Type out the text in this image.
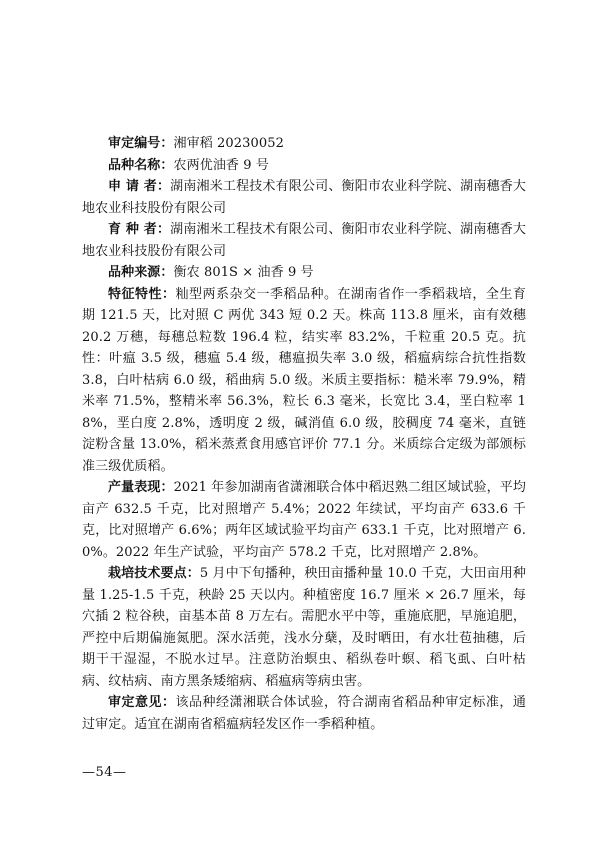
审定编号：湘审稻 20230052

品种名称：农两优油香 9 号

申 请 者：湖南湘米工程技术有限公司、衡阳市农业科学院、湖南穗香大地农业科技股份有限公司

育 种 者：湖南湘米工程技术有限公司、衡阳市农业科学院、湖南穗香大地农业科技股份有限公司

品种来源：衡农 801S × 油香 9 号

特征特性：籼型两系杂交一季稻品种。在湖南省作一季稻栽培，全生育期 121.5 天，比对照 C 两优 343 短 0.2 天。株高 113.8 厘米，亩有效穗 20.2 万穗，每穗总粒数 196.4 粒，结实率 83.2%，千粒重 20.5 克。抗性：叶瘟 3.5 级，穗瘟 5.4 级，穗瘟损失率 3.0 级，稻瘟病综合抗性指数 3.8，白叶枯病 6.0 级，稻曲病 5.0 级。米质主要指标：糙米率 79.9%，精米率 71.5%，整精米率 56.3%，粒长 6.3 毫米，长宽比 3.4，垩白粒率 18%，垩白度 2.8%，透明度 2 级，碱消值 6.0 级，胶稠度 74 毫米，直链淀粉含量 13.0%，稻米蒸煮食用感官评价 77.1 分。米质综合定级为部颁标准三级优质稻。

产量表现：2021 年参加湖南省潇湘联合体中稻迟熟二组区域试验，平均亩产 632.5 千克，比对照增产 5.4%；2022 年续试，平均亩产 633.6 千克，比对照增产 6.6%；两年区域试验平均亩产 633.1 千克，比对照增产 6.0%。2022 年生产试验，平均亩产 578.2 千克，比对照增产 2.8%。

栽培技术要点：5 月中下旬播种，秧田亩播种量 10.0 千克，大田亩用种量 1.25-1.5 千克，秧龄 25 天以内。种植密度 16.7 厘米 × 26.7 厘米，每穴插 2 粒谷秧，亩基本苗 8 万左右。需肥水平中等，重施底肥，早施追肥，严控中后期偏施氮肥。深水活蔸，浅水分蘖，及时晒田，有水壮苞抽穗，后期干干湿湿，不脱水过早。注意防治螟虫、稻纵卷叶螟、稻飞虱、白叶枯病、纹枯病、南方黑条矮缩病、稻瘟病等病虫害。

审定意见：该品种经潇湘联合体试验，符合湖南省稻品种审定标准，通过审定。适宜在湖南省稻瘟病轻发区作一季稻种植。

—54—
